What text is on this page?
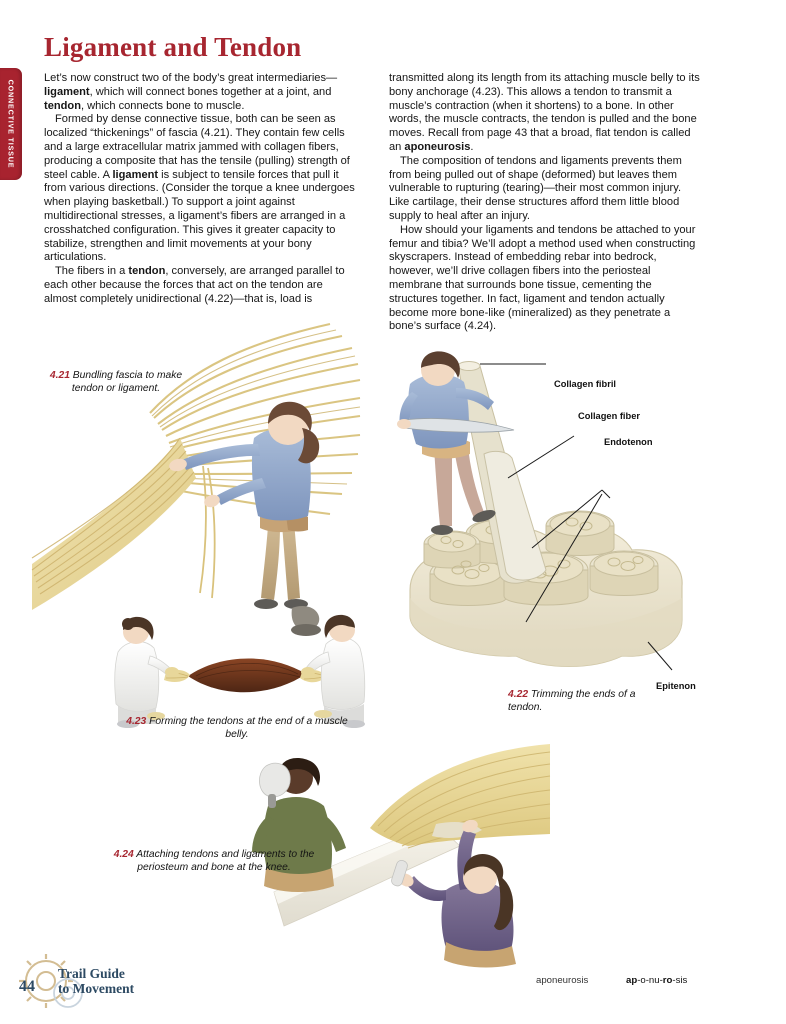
CONNECTIVE TISSUE
Ligament and Tendon

Let’s now construct two of the body’s great intermediaries—ligament, which will connect bones together at a joint, and tendon, which connects bone to muscle.

Formed by dense connective tissue, both can be seen as localized “thickenings” of fascia (4.21). They contain few cells and a large extracellular matrix jammed with collagen fibers, producing a composite that has the tensile (pulling) strength of steel cable. A ligament is subject to tensile forces that pull it from various directions. (Consider the torque a knee undergoes when playing basketball.) To support a joint against multidirectional stresses, a ligament’s fibers are arranged in a crosshatched configuration. This gives it greater capacity to stabilize, strengthen and limit movements at your bony articulations.

The fibers in a tendon, conversely, are arranged parallel to each other because the forces that act on the tendon are almost completely unidirectional (4.22)—that is, load is

transmitted along its length from its attaching muscle belly to its bony anchorage (4.23). This allows a tendon to transmit a muscle’s contraction (when it shortens) to a bone. In other words, the muscle contracts, the tendon is pulled and the bone moves. Recall from page 43 that a broad, flat tendon is called an aponeurosis.

The composition of tendons and ligaments prevents them from being pulled out of shape (deformed) but leaves them vulnerable to rupturing (tearing)—their most common injury. Like cartilage, their dense structures afford them little blood supply to heal after an injury.

How should your ligaments and tendons be attached to your femur and tibia? We’ll adopt a method used when constructing skyscrapers. Instead of embedding rebar into bedrock, however, we’ll drive collagen fibers into the periosteal membrane that surrounds bone tissue, cementing the structures together. In fact, ligament and tendon actually become more bone-like (mineralized) as they penetrate a bone’s surface (4.24).

4.21 Bundling fascia to make tendon or ligament.	Collagen fibril
Collagen fiber
Endotenon
Epitenon
4.22 Trimming the ends of a tendon.
4.23 Forming the tendons at the end of a muscle belly.
4.24 Attaching tendons and ligaments to the periosteum and bone at the knee.
44
Trail Guide
to Movement
aponeurosis	ap-o-nu-ro-sis
